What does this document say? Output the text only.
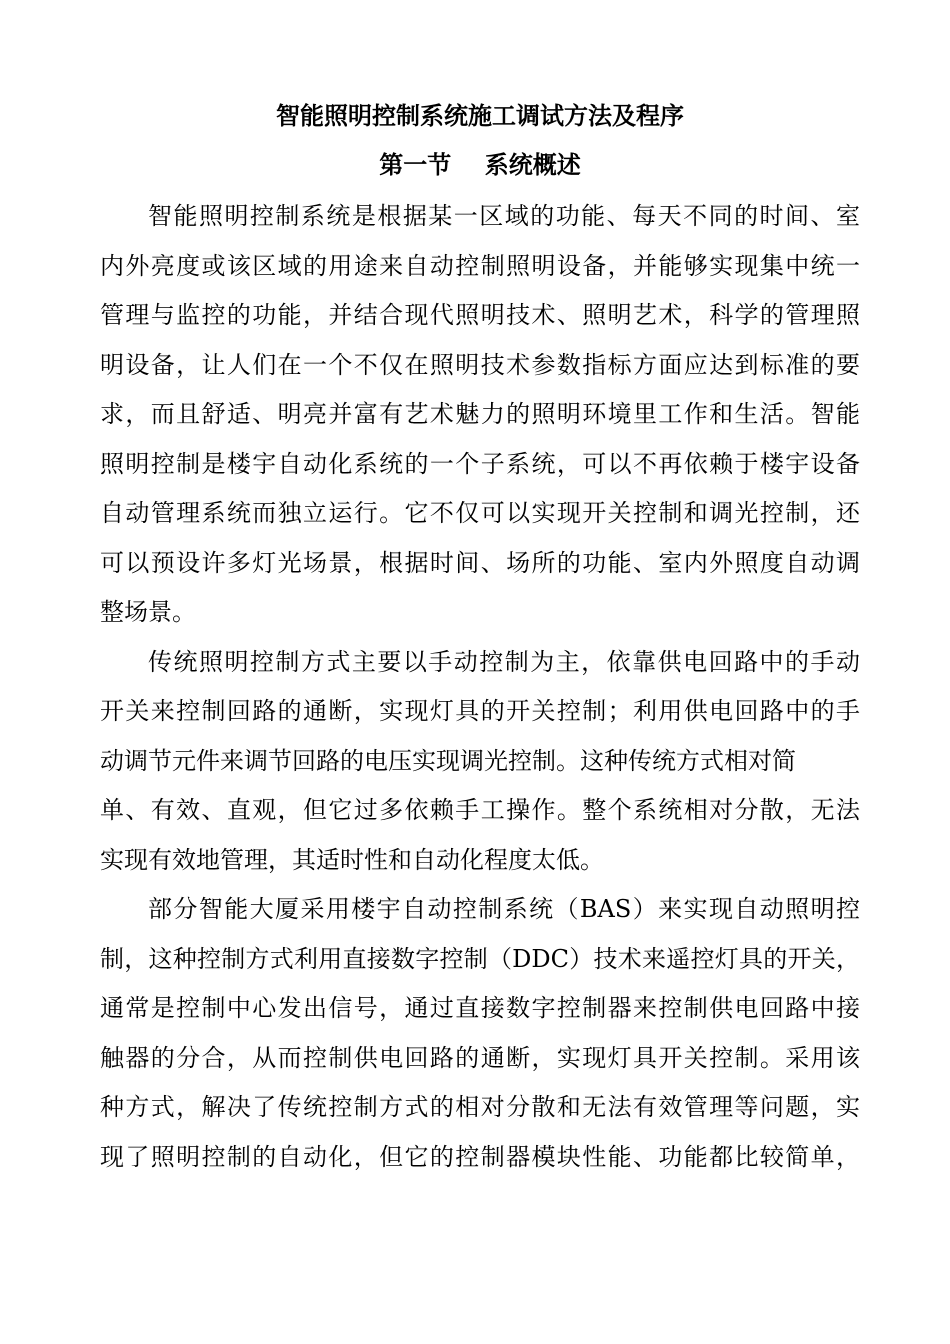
智能照明控制系统施工调试方法及程序
第一节    系统概述
智能照明控制系统是根据某一区域的功能、每天不同的时间、室
内外亮度或该区域的用途来自动控制照明设备，并能够实现集中统一
管理与监控的功能，并结合现代照明技术、照明艺术，科学的管理照
明设备，让人们在一个不仅在照明技术参数指标方面应达到标准的要
求，而且舒适、明亮并富有艺术魅力的照明环境里工作和生活。智能
照明控制是楼宇自动化系统的一个子系统，可以不再依赖于楼宇设备
自动管理系统而独立运行。它不仅可以实现开关控制和调光控制，还
可以预设许多灯光场景，根据时间、场所的功能、室内外照度自动调
整场景。
传统照明控制方式主要以手动控制为主，依靠供电回路中的手动
开关来控制回路的通断，实现灯具的开关控制；利用供电回路中的手
动调节元件来调节回路的电压实现调光控制。这种传统方式相对简
单、有效、直观，但它过多依赖手工操作。整个系统相对分散，无法
实现有效地管理，其适时性和自动化程度太低。
部分智能大厦采用楼宇自动控制系统（BAS）来实现自动照明控
制，这种控制方式利用直接数字控制（DDC）技术来遥控灯具的开关，
通常是控制中心发出信号，通过直接数字控制器来控制供电回路中接
触器的分合，从而控制供电回路的通断，实现灯具开关控制。采用该
种方式，解决了传统控制方式的相对分散和无法有效管理等问题，实
现了照明控制的自动化，但它的控制器模块性能、功能都比较简单，
